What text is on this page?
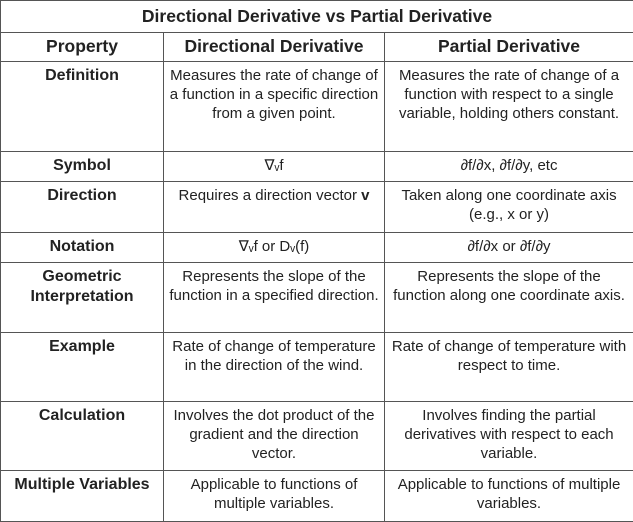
Directional Derivative vs Partial Derivative		
Property	Directional Derivative	Partial Derivative
Definition	Measures the rate of change of a function in a specific direction from a given point.	Measures the rate of change of a function with respect to a single variable, holding others constant.
Symbol	∇ᵥf	∂f/∂x, ∂f/∂y, etc
Direction	Requires a direction vector v	Taken along one coordinate axis (e.g., x or y)
Notation	∇ᵥf or Dᵥ(f)	∂f/∂x or ∂f/∂y
Geometric Interpretation	Represents the slope of the function in a specified direction.	Represents the slope of the function along one coordinate axis.
Example	Rate of change of temperature in the direction of the wind.	Rate of change of temperature with respect to time.
Calculation	Involves the dot product of the gradient and the direction vector.	Involves finding the partial derivatives with respect to each variable.
Multiple Variables	Applicable to functions of multiple variables.	Applicable to functions of multiple variables.
